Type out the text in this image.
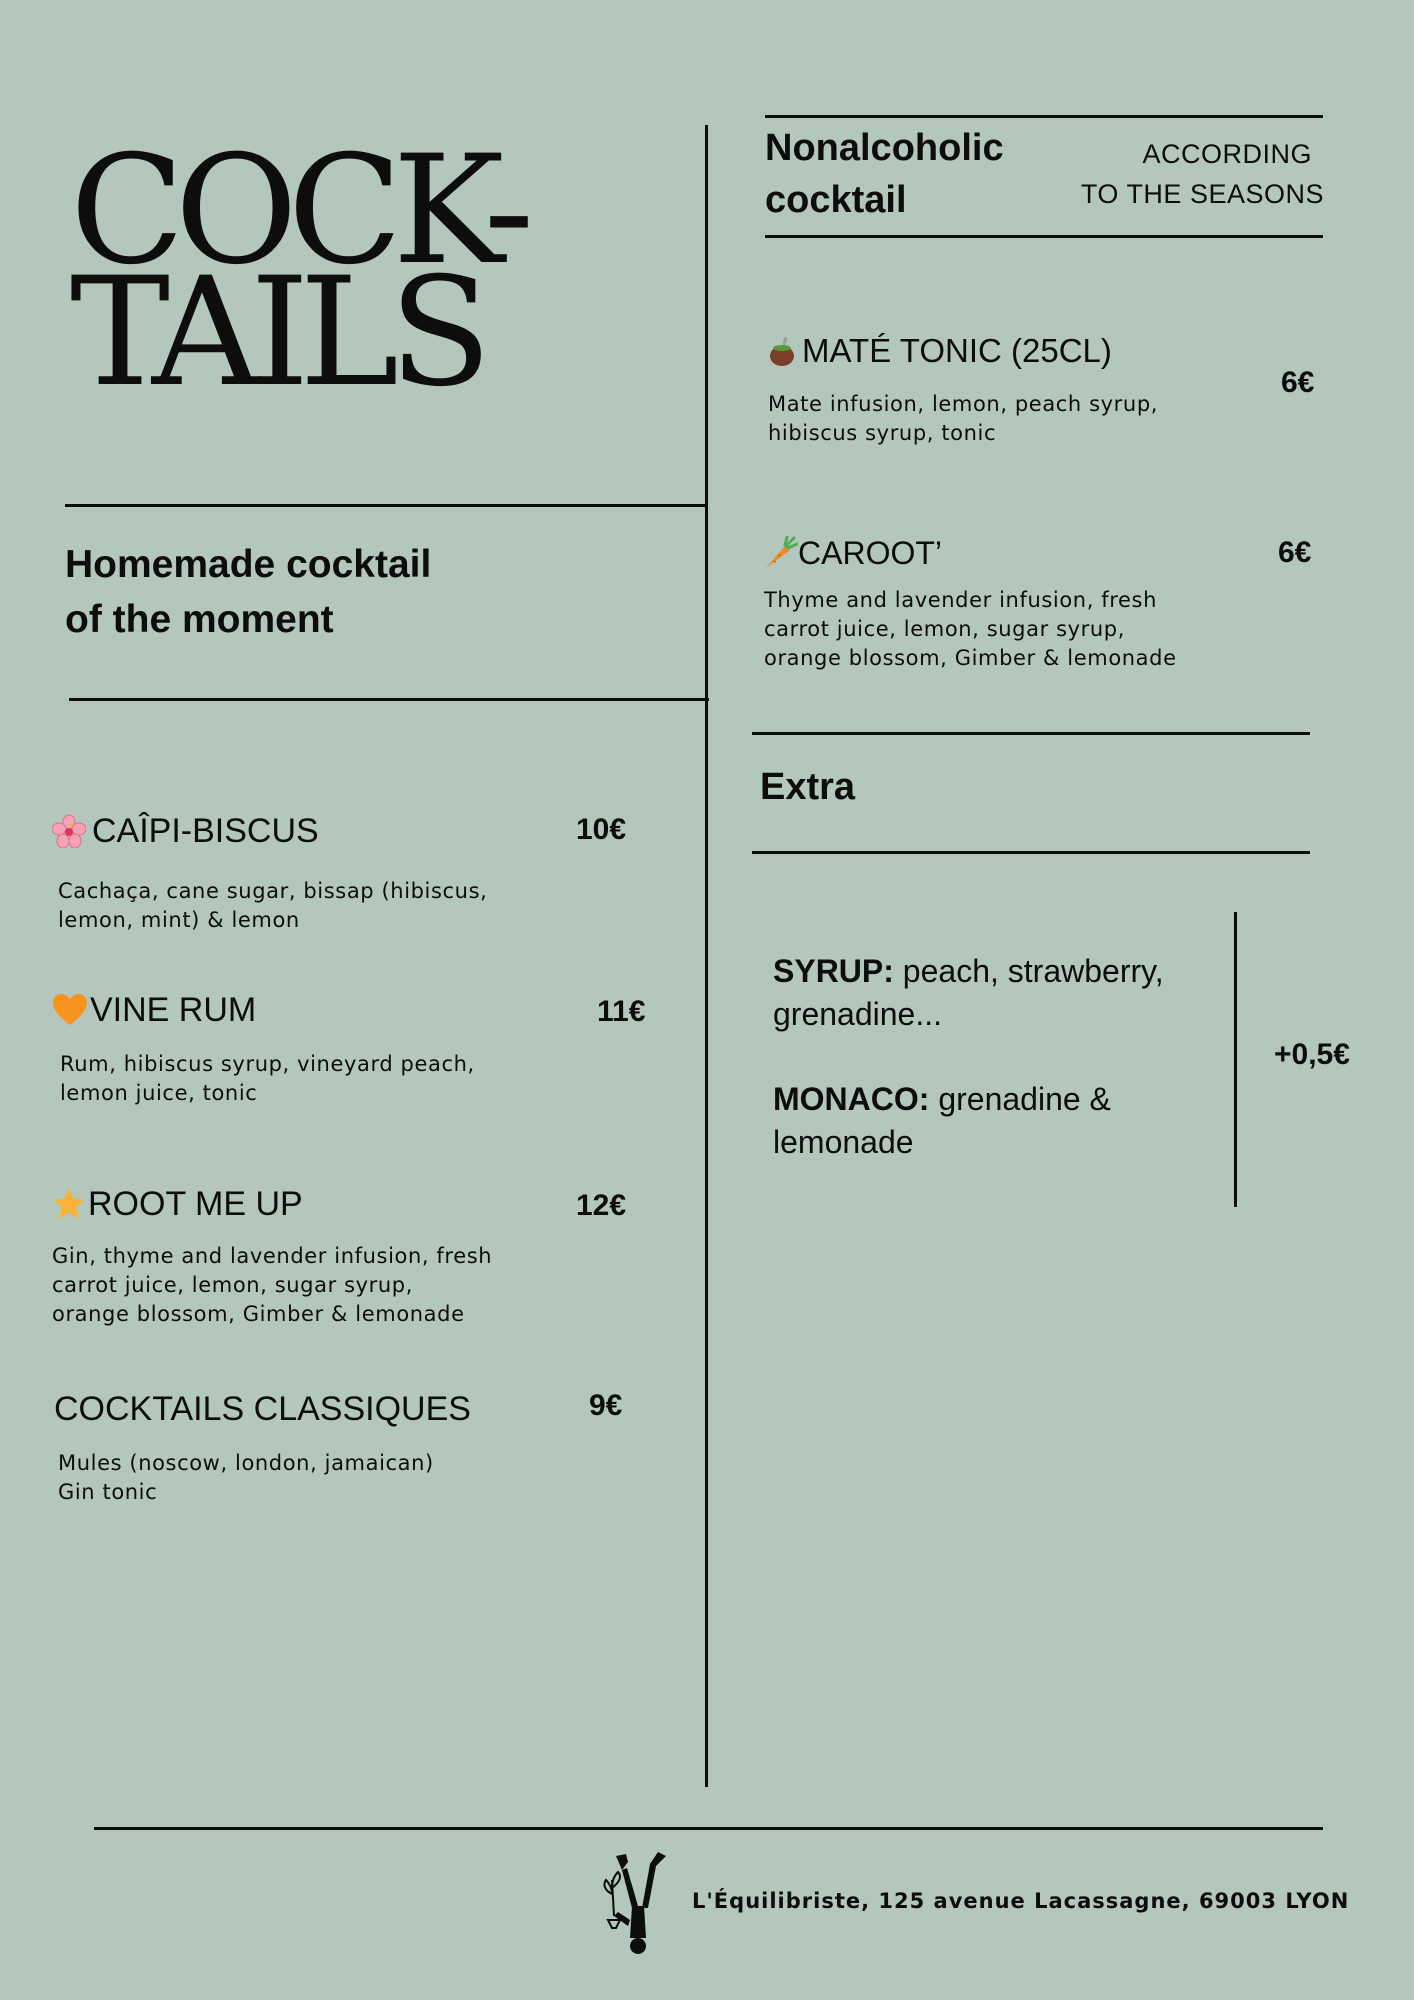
COCK-
TAILS
Homemade cocktail
of the moment

CAÎPI-BISCUS

Cachaça, cane sugar, bissap (hibiscus,
lemon, mint) & lemon

10€

VINE RUM

Rum, hibiscus syrup, vineyard peach,
lemon juice, tonic

11€

ROOT ME UP

Gin, thyme and lavender infusion, fresh
carrot juice, lemon, sugar syrup,
orange blossom, Gimber & lemonade

12€

COCKTAILS CLASSIQUES

Mules (noscow, london, jamaican)
Gin tonic

9€
Nonalcoholic
cocktail
ACCORDING
TO THE SEASONS

MATÉ TONIC (25CL)

Mate infusion, lemon, peach syrup,
hibiscus syrup, tonic

6€

CAROOT’

Thyme and lavender infusion, fresh
carrot juice, lemon, sugar syrup,
orange blossom, Gimber & lemonade

6€
Extra

SYRUP: peach, strawberry, grenadine...

MONACO: grenadine & lemonade

+0,5€
L'Équilibriste, 125 avenue Lacassagne, 69003 LYON
